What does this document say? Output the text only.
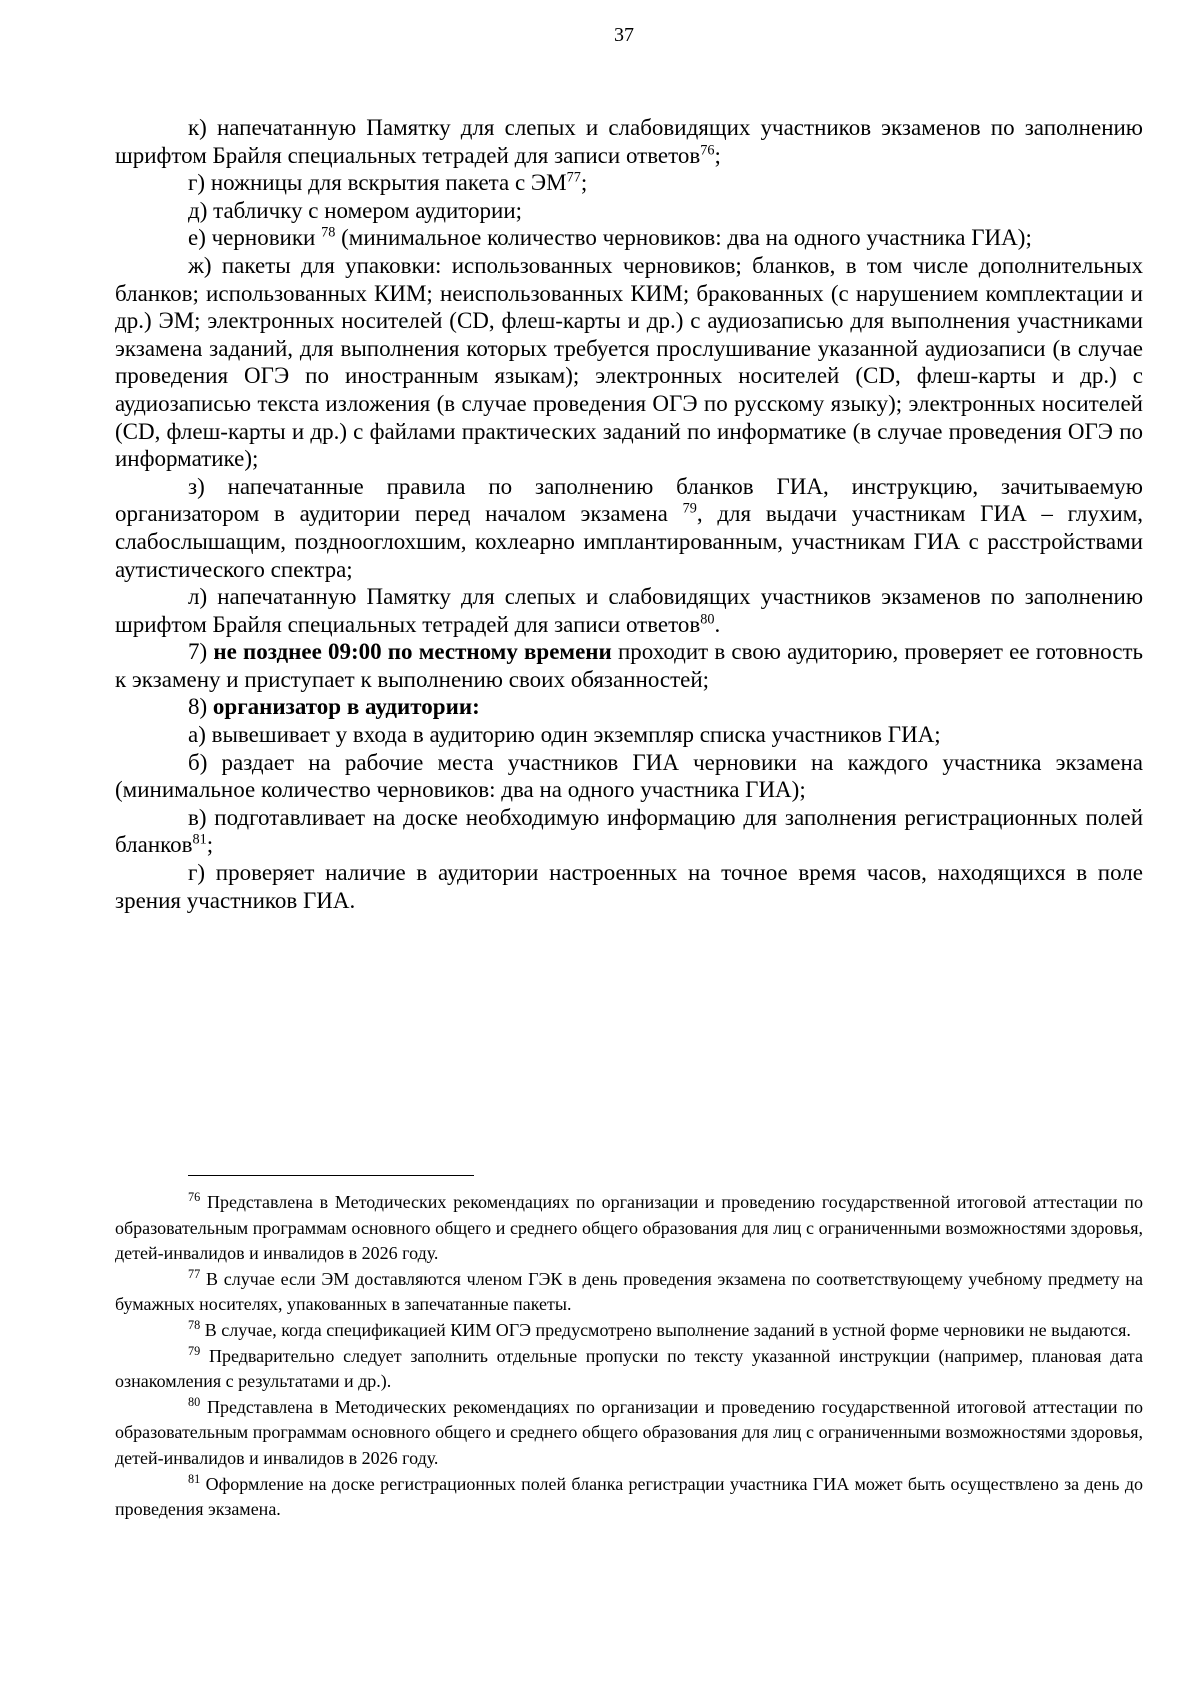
37

к) напечатанную Памятку для слепых и слабовидящих участников экзаменов по заполнению шрифтом Брайля специальных тетрадей для записи ответов$^{76}$;

г) ножницы для вскрытия пакета с ЭМ$^{77}$;

д) табличку с номером аудитории;

е) черновики $^{78}$ (минимальное количество черновиков: два на одного участника ГИА);

ж) пакеты для упаковки: использованных черновиков; бланков, в том числе дополнительных бланков; использованных КИМ; неиспользованных КИМ; бракованных (с нарушением комплектации и др.) ЭМ; электронных носителей (CD, флеш-карты и др.) с аудиозаписью для выполнения участниками экзамена заданий, для выполнения которых требуется прослушивание указанной аудиозаписи (в случае проведения ОГЭ по иностранным языкам); электронных носителей (CD, флеш-карты и др.) с аудиозаписью текста изложения (в случае проведения ОГЭ по русскому языку); электронных носителей (CD, флеш-карты и др.) с файлами практических заданий по информатике (в случае проведения ОГЭ по информатике);

з) напечатанные правила по заполнению бланков ГИА, инструкцию, зачитываемую организатором в аудитории перед началом экзамена $^{79}$, для выдачи участникам ГИА – глухим, слабослышащим, позднооглохшим, кохлеарно имплантированным, участникам ГИА с расстройствами аутистического спектра;

л) напечатанную Памятку для слепых и слабовидящих участников экзаменов по заполнению шрифтом Брайля специальных тетрадей для записи ответов$^{80}$.

7) не позднее 09:00 по местному времени проходит в свою аудиторию, проверяет ее готовность к экзамену и приступает к выполнению своих обязанностей;

8) организатор в аудитории:

а) вывешивает у входа в аудиторию один экземпляр списка участников ГИА;

б) раздает на рабочие места участников ГИА черновики на каждого участника экзамена (минимальное количество черновиков: два на одного участника ГИА);

в) подготавливает на доске необходимую информацию для заполнения регистрационных полей бланков$^{81}$;

г) проверяет наличие в аудитории настроенных на точное время часов, находящихся в поле зрения участников ГИА.

$^{76}$ Представлена в Методических рекомендациях по организации и проведению государственной итоговой аттестации по образовательным программам основного общего и среднего общего образования для лиц с ограниченными возможностями здоровья, детей-инвалидов и инвалидов в 2026 году.

$^{77}$ В случае если ЭМ доставляются членом ГЭК в день проведения экзамена по соответствующему учебному предмету на бумажных носителях, упакованных в запечатанные пакеты.

$^{78}$ В случае, когда спецификацией КИМ ОГЭ предусмотрено выполнение заданий в устной форме черновики не выдаются.

$^{79}$ Предварительно следует заполнить отдельные пропуски по тексту указанной инструкции (например, плановая дата ознакомления с результатами и др.).

$^{80}$ Представлена в Методических рекомендациях по организации и проведению государственной итоговой аттестации по образовательным программам основного общего и среднего общего образования для лиц с ограниченными возможностями здоровья, детей-инвалидов и инвалидов в 2026 году.

$^{81}$ Оформление на доске регистрационных полей бланка регистрации участника ГИА может быть осуществлено за день до проведения экзамена.
